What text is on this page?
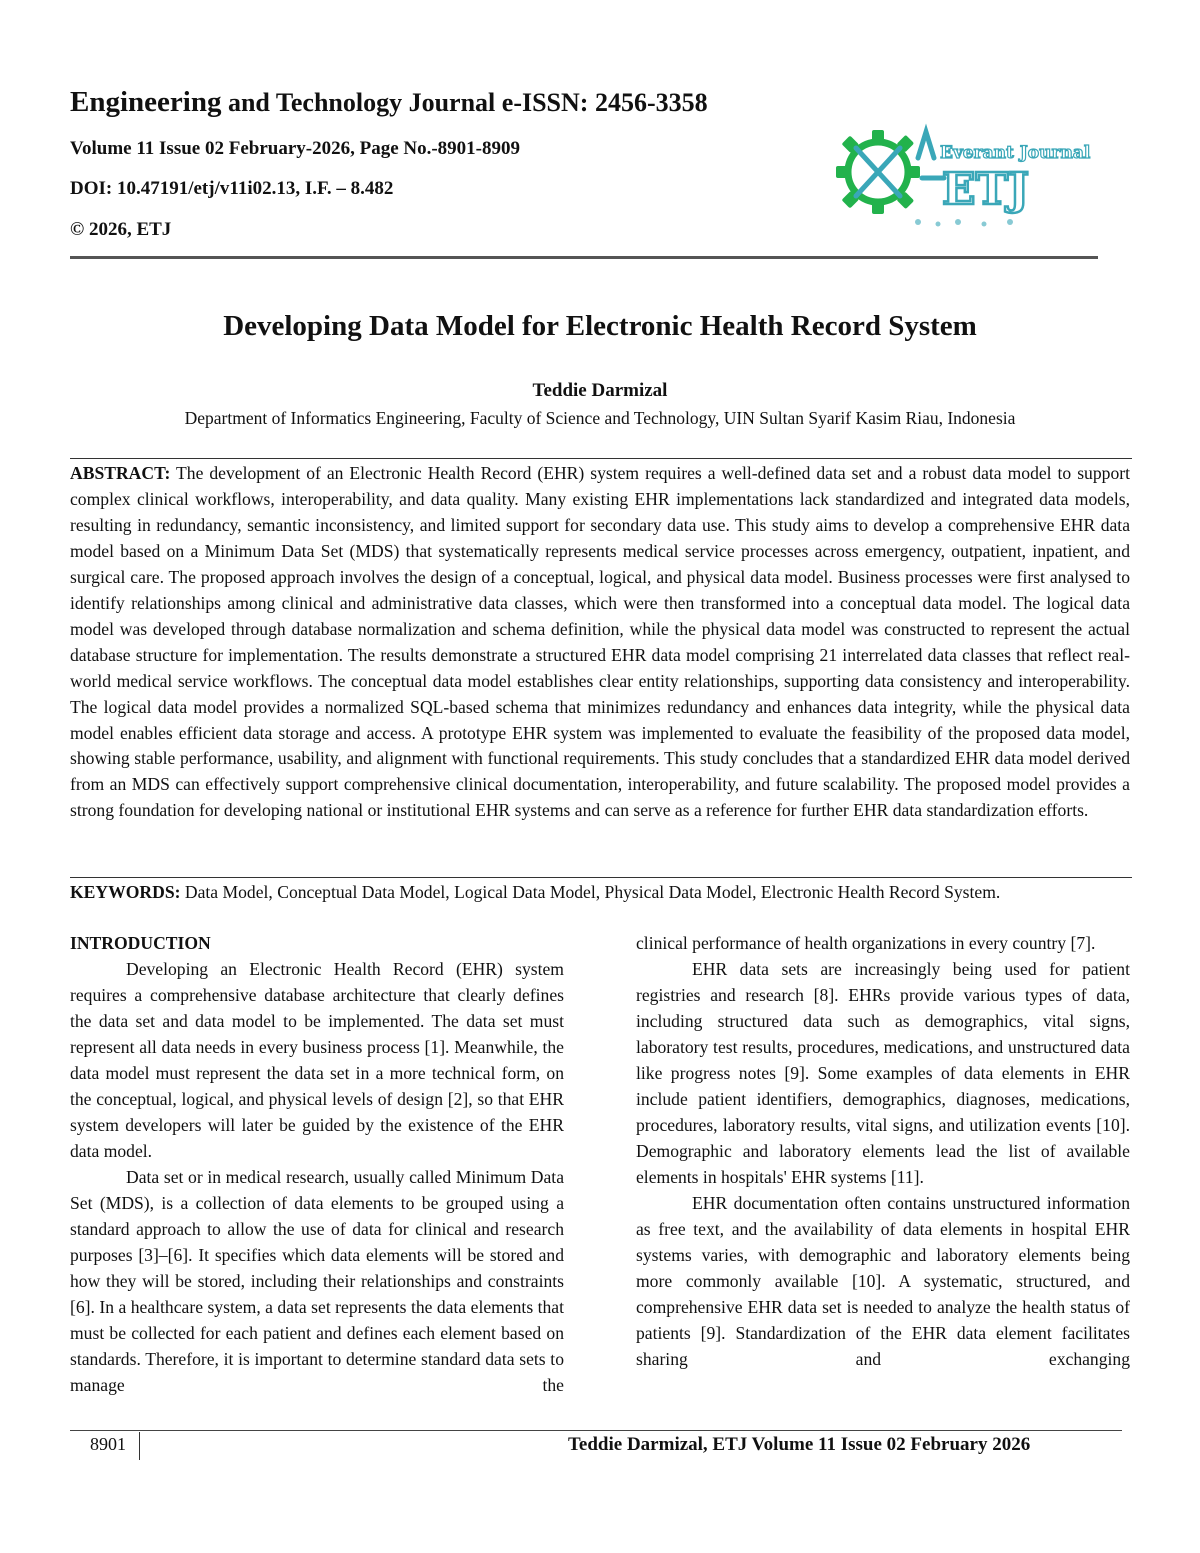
Engineering and Technology Journal e-ISSN: 2456-3358
Volume 11 Issue 02 February-2026, Page No.-8901-8909
DOI: 10.47191/etj/v11i02.13, I.F. – 8.482
© 2026, ETJ
Everant Journal
ETJ
Developing Data Model for Electronic Health Record System
Teddie Darmizal
Department of Informatics Engineering, Faculty of Science and Technology, UIN Sultan Syarif Kasim Riau, Indonesia
ABSTRACT: The development of an Electronic Health Record (EHR) system requires a well-defined data set and a robust data model to support complex clinical workflows, interoperability, and data quality. Many existing EHR implementations lack standardized and integrated data models, resulting in redundancy, semantic inconsistency, and limited support for secondary data use. This study aims to develop a comprehensive EHR data model based on a Minimum Data Set (MDS) that systematically represents medical service processes across emergency, outpatient, inpatient, and surgical care. The proposed approach involves the design of a conceptual, logical, and physical data model. Business processes were first analysed to identify relationships among clinical and administrative data classes, which were then transformed into a conceptual data model. The logical data model was developed through database normalization and schema definition, while the physical data model was constructed to represent the actual database structure for implementation. The results demonstrate a structured EHR data model comprising 21 interrelated data classes that reflect real-world medical service workflows. The conceptual data model establishes clear entity relationships, supporting data consistency and interoperability. The logical data model provides a normalized SQL-based schema that minimizes redundancy and enhances data integrity, while the physical data model enables efficient data storage and access. A prototype EHR system was implemented to evaluate the feasibility of the proposed data model, showing stable performance, usability, and alignment with functional requirements. This study concludes that a standardized EHR data model derived from an MDS can effectively support comprehensive clinical documentation, interoperability, and future scalability. The proposed model provides a strong foundation for developing national or institutional EHR systems and can serve as a reference for further EHR data standardization efforts.
KEYWORDS: Data Model, Conceptual Data Model, Logical Data Model, Physical Data Model, Electronic Health Record System.
INTRODUCTION

Developing an Electronic Health Record (EHR) system requires a comprehensive database architecture that clearly defines the data set and data model to be implemented. The data set must represent all data needs in every business process [1]. Meanwhile, the data model must represent the data set in a more technical form, on the conceptual, logical, and physical levels of design [2], so that EHR system developers will later be guided by the existence of the EHR data model.

Data set or in medical research, usually called Minimum Data Set (MDS), is a collection of data elements to be grouped using a standard approach to allow the use of data for clinical and research purposes [3]–[6]. It specifies which data elements will be stored and how they will be stored, including their relationships and constraints [6]. In a healthcare system, a data set represents the data elements that must be collected for each patient and defines each element based on standards. Therefore, it is important to determine standard data sets to manage the

clinical performance of health organizations in every country [7].

EHR data sets are increasingly being used for patient registries and research [8]. EHRs provide various types of data, including structured data such as demographics, vital signs, laboratory test results, procedures, medications, and unstructured data like progress notes [9]. Some examples of data elements in EHR include patient identifiers, demographics, diagnoses, medications, procedures, laboratory results, vital signs, and utilization events [10]. Demographic and laboratory elements lead the list of available elements in hospitals' EHR systems [11].

EHR documentation often contains unstructured information as free text, and the availability of data elements in hospital EHR systems varies, with demographic and laboratory elements being more commonly available [10]. A systematic, structured, and comprehensive EHR data set is needed to analyze the health status of patients [9]. Standardization of the EHR data element facilitates sharing and exchanging

8901	Teddie Darmizal, ETJ Volume 11 Issue 02 February 2026
